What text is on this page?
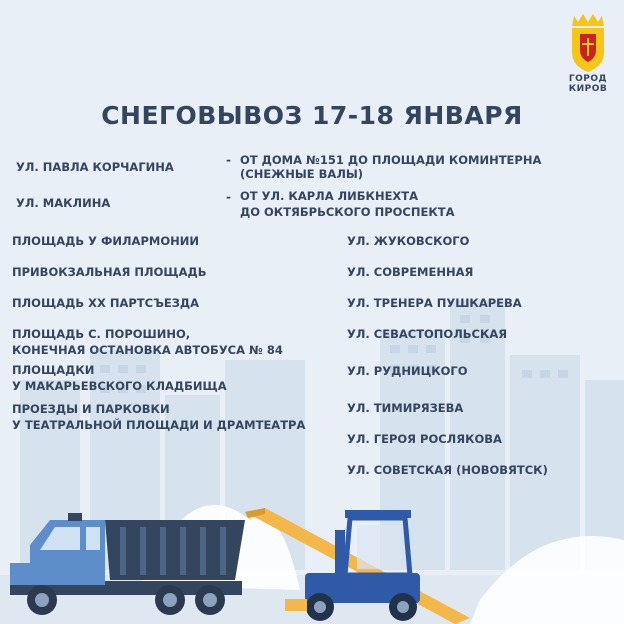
ГОРОД
КИРОВ
СНЕГОВЫВОЗ 17-18 ЯНВАРЯ
УЛ. ПАВЛА КОРЧАГИНА	- ОТ ДОМА №151 ДО ПЛОЩАДИ КОМИНТЕРНА
(СНЕЖНЫЕ ВАЛЫ)
УЛ. МАКЛИНА	- ОТ УЛ. КАРЛА ЛИБКНЕХТА
ДО ОКТЯБРЬСКОГО ПРОСПЕКТА
ПЛОЩАДЬ У ФИЛАРМОНИИ
ПРИВОКЗАЛЬНАЯ ПЛОЩАДЬ
ПЛОЩАДЬ ХХ ПАРТСЪЕЗДА
ПЛОЩАДЬ С. ПОРОШИНО,
КОНЕЧНАЯ ОСТАНОВКА АВТОБУСА № 84
ПЛОЩАДКИ
У МАКАРЬЕВСКОГО КЛАДБИЩА
ПРОЕЗДЫ И ПАРКОВКИ
У ТЕАТРАЛЬНОЙ ПЛОЩАДИ И ДРАМТЕАТРА
УЛ. ЖУКОВСКОГО
УЛ. СОВРЕМЕННАЯ
УЛ. ТРЕНЕРА ПУШКАРЕВА
УЛ. СЕВАСТОПОЛЬСКАЯ
УЛ. РУДНИЦКОГО
УЛ. ТИМИРЯЗЕВА
УЛ. ГЕРОЯ РОСЛЯКОВА
УЛ. СОВЕТСКАЯ (НОВОВЯТСК)
